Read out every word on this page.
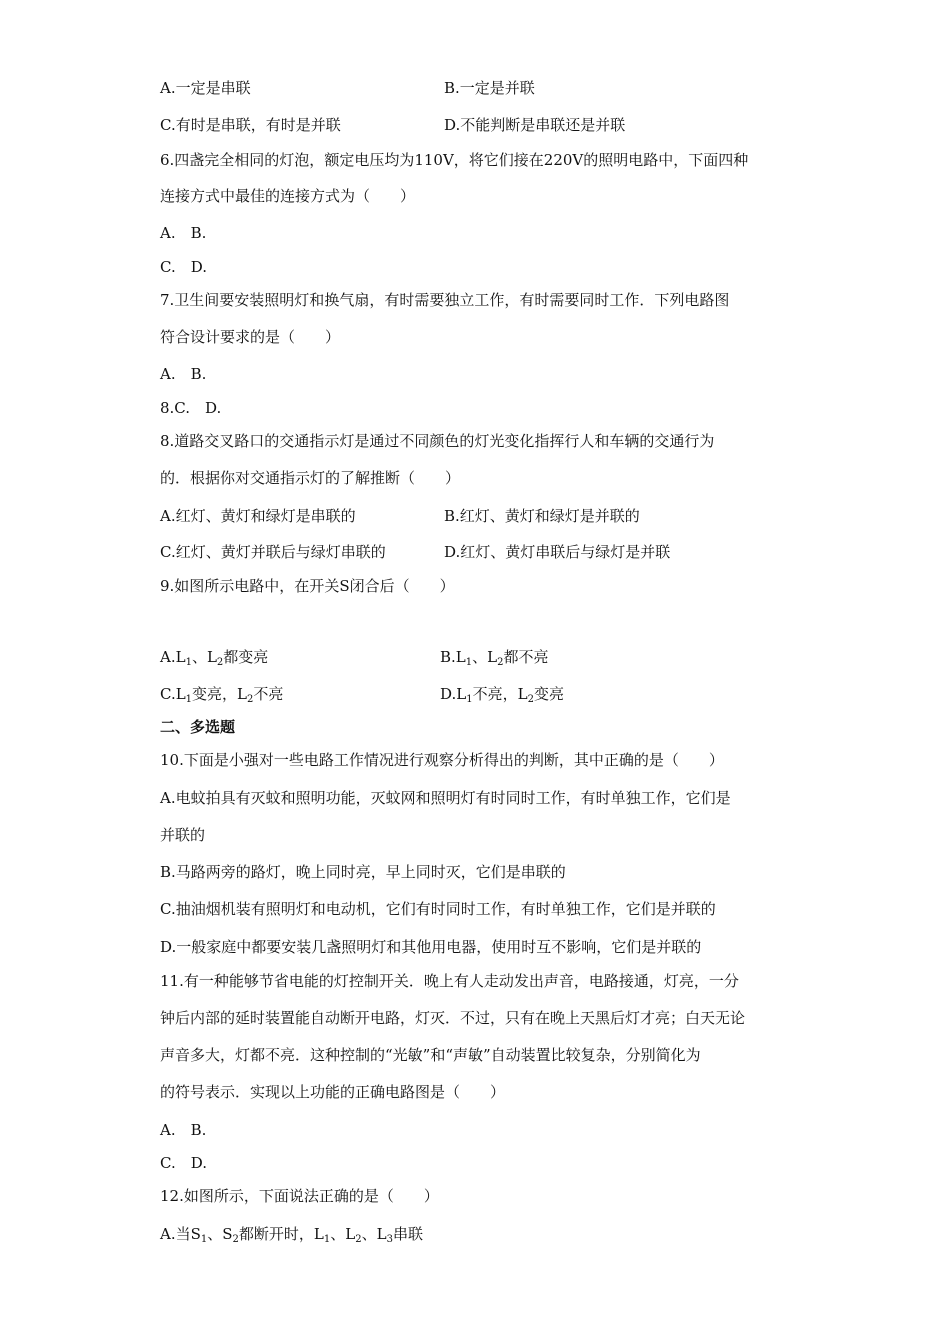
A.一定是串联	B.一定是并联
C.有时是串联，有时是并联	D.不能判断是串联还是并联
6.四盏完全相同的灯泡，额定电压均为110V，将它们接在220V的照明电路中，下面四种
连接方式中最佳的连接方式为（　　）
A.　B.
C.　D.
7.卫生间要安装照明灯和换气扇，有时需要独立工作，有时需要同时工作．下列电路图
符合设计要求的是（　　）
A.　B.
8.C.　D.
8.道路交叉路口的交通指示灯是通过不同颜色的灯光变化指挥行人和车辆的交通行为
的．根据你对交通指示灯的了解推断（　　）
A.红灯、黄灯和绿灯是串联的	B.红灯、黄灯和绿灯是并联的
C.红灯、黄灯并联后与绿灯串联的	D.红灯、黄灯串联后与绿灯是并联
9.如图所示电路中，在开关S闭合后（　　）
$A.L_1$、$L_2$都变亮	$B.L_1$、$L_2$都不亮
$C.L_1$变亮，$L_2$不亮	$D.L_1$不亮，$L_2$变亮
二、多选题
10.下面是小强对一些电路工作情况进行观察分析得出的判断，其中正确的是（　　）
A.电蚊拍具有灭蚊和照明功能，灭蚊网和照明灯有时同时工作，有时单独工作，它们是
并联的
B.马路两旁的路灯，晚上同时亮，早上同时灭，它们是串联的
C.抽油烟机装有照明灯和电动机，它们有时同时工作，有时单独工作，它们是并联的
D.一般家庭中都要安装几盏照明灯和其他用电器，使用时互不影响，它们是并联的
11.有一种能够节省电能的灯控制开关．晚上有人走动发出声音，电路接通，灯亮，一分
钟后内部的延时装置能自动断开电路，灯灭．不过，只有在晚上天黑后灯才亮；白天无论
声音多大，灯都不亮．这种控制的“光敏”和“声敏”自动装置比较复杂，分别简化为
的符号表示．实现以上功能的正确电路图是（　　）
A.　B.
C.　D.
12.如图所示，下面说法正确的是（　　）
A.当$S_1$、$S_2$都断开时，$L_1$、$L_2$、$L_3$串联
